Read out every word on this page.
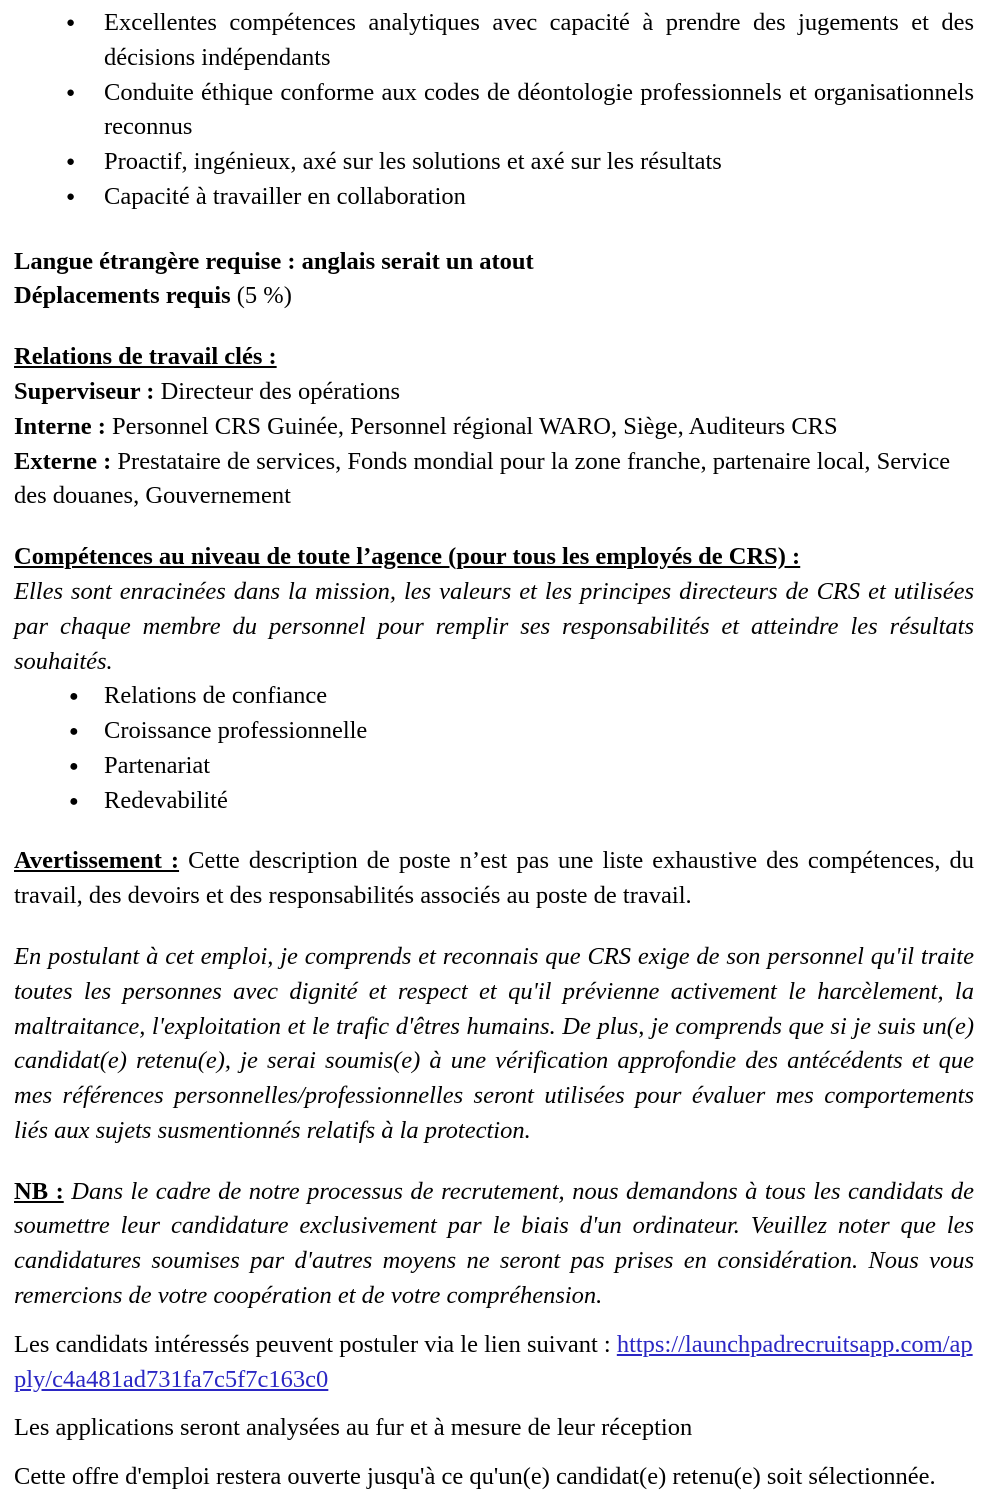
● Excellentes compétences analytiques avec capacité à prendre des jugements et des décisions indépendants
● Conduite éthique conforme aux codes de déontologie professionnels et organisationnels reconnus
● Proactif, ingénieux, axé sur les solutions et axé sur les résultats
● Capacité à travailler en collaboration

Langue étrangère requise : anglais serait un atout

Déplacements requis (5 %)

Relations de travail clés :

Superviseur : Directeur des opérations

Interne : Personnel CRS Guinée, Personnel régional WARO, Siège, Auditeurs CRS

Externe : Prestataire de services, Fonds mondial pour la zone franche, partenaire local, Service des douanes, Gouvernement

Compétences au niveau de toute l’agence (pour tous les employés de CRS) :

Elles sont enracinées dans la mission, les valeurs et les principes directeurs de CRS et utilisées par chaque membre du personnel pour remplir ses responsabilités et atteindre les résultats souhaités.

● Relations de confiance
● Croissance professionnelle
● Partenariat
● Redevabilité

Avertissement : Cette description de poste n’est pas une liste exhaustive des compétences, du travail, des devoirs et des responsabilités associés au poste de travail.

En postulant à cet emploi, je comprends et reconnais que CRS exige de son personnel qu'il traite toutes les personnes avec dignité et respect et qu'il prévienne activement le harcèlement, la maltraitance, l'exploitation et le trafic d'êtres humains. De plus, je comprends que si je suis un(e) candidat(e) retenu(e), je serai soumis(e) à une vérification approfondie des antécédents et que mes références personnelles/professionnelles seront utilisées pour évaluer mes comportements liés aux sujets susmentionnés relatifs à la protection.

NB : Dans le cadre de notre processus de recrutement, nous demandons à tous les candidats de soumettre leur candidature exclusivement par le biais d'un ordinateur. Veuillez noter que les candidatures soumises par d'autres moyens ne seront pas prises en considération. Nous vous remercions de votre coopération et de votre compréhension.

Les candidats intéressés peuvent postuler via le lien suivant : https://launchpadrecruitsapp.com/apply/c4a481ad731fa7c5f7c163c0

Les applications seront analysées au fur et à mesure de leur réception

Cette offre d'emploi restera ouverte jusqu'à ce qu'un(e) candidat(e) retenu(e) soit sélectionnée.
